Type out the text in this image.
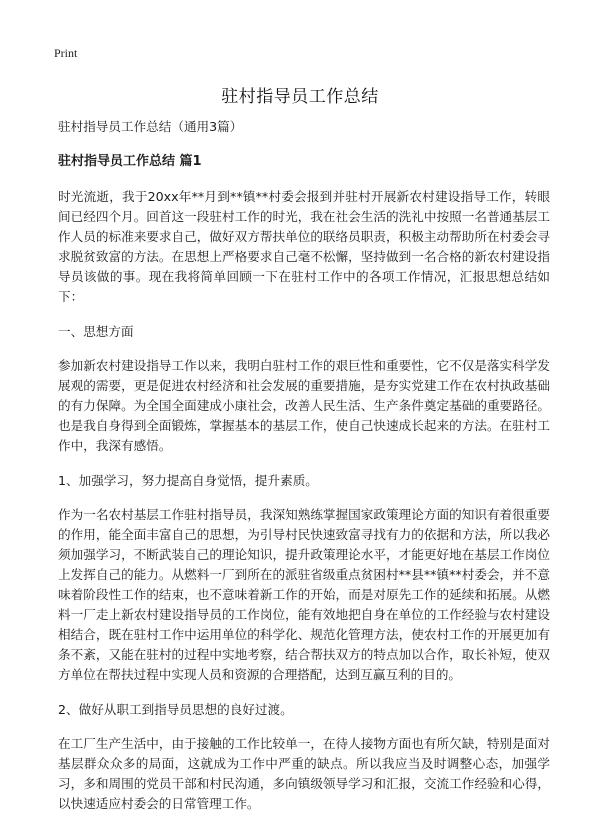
Print
驻村指导员工作总结
驻村指导员工作总结（通用3篇）
驻村指导员工作总结 篇1
时光流逝，我于20xx年**月到**镇**村委会报到并驻村开展新农村建设指导工作，转眼间已经四个月。回首这一段驻村工作的时光，我在社会生活的洗礼中按照一名普通基层工作人员的标准来要求自己，做好双方帮扶单位的联络员职责，积极主动帮助所在村委会寻求脱贫致富的方法。在思想上严格要求自己毫不松懈，坚持做到一名合格的新农村建设指导员该做的事。现在我将简单回顾一下在驻村工作中的各项工作情况，汇报思想总结如下：
一、思想方面
参加新农村建设指导工作以来，我明白驻村工作的艰巨性和重要性，它不仅是落实科学发展观的需要，更是促进农村经济和社会发展的重要措施，是夯实党建工作在农村执政基础的有力保障。为全国全面建成小康社会，改善人民生活、生产条件奠定基础的重要路径。也是我自身得到全面锻炼，掌握基本的基层工作，使自己快速成长起来的方法。在驻村工作中，我深有感悟。
1、加强学习，努力提高自身觉悟，提升素质。
作为一名农村基层工作驻村指导员，我深知熟练掌握国家政策理论方面的知识有着很重要的作用，能全面丰富自己的思想，为引导村民快速致富寻找有力的依据和方法，所以我必须加强学习，不断武装自己的理论知识，提升政策理论水平，才能更好地在基层工作岗位上发挥自己的能力。从燃料一厂到所在的派驻省级重点贫困村**县**镇**村委会，并不意味着阶段性工作的结束，也不意味着新工作的开始，而是对原先工作的延续和拓展。从燃料一厂走上新农村建设指导员的工作岗位，能有效地把自身在单位的工作经验与农村建设相结合，既在驻村工作中运用单位的科学化、规范化管理方法，使农村工作的开展更加有条不紊，又能在驻村的过程中实地考察，结合帮扶双方的特点加以合作，取长补短，使双方单位在帮扶过程中实现人员和资源的合理搭配，达到互赢互利的目的。
2、做好从职工到指导员思想的良好过渡。
在工厂生产生活中，由于接触的工作比较单一，在待人接物方面也有所欠缺，特别是面对基层群众众多的局面，这就成为工作中严重的缺点。所以我应当及时调整心态，加强学习，多和周围的党员干部和村民沟通，多向镇级领导学习和汇报，交流工作经验和心得，以快速适应村委会的日常管理工作。
